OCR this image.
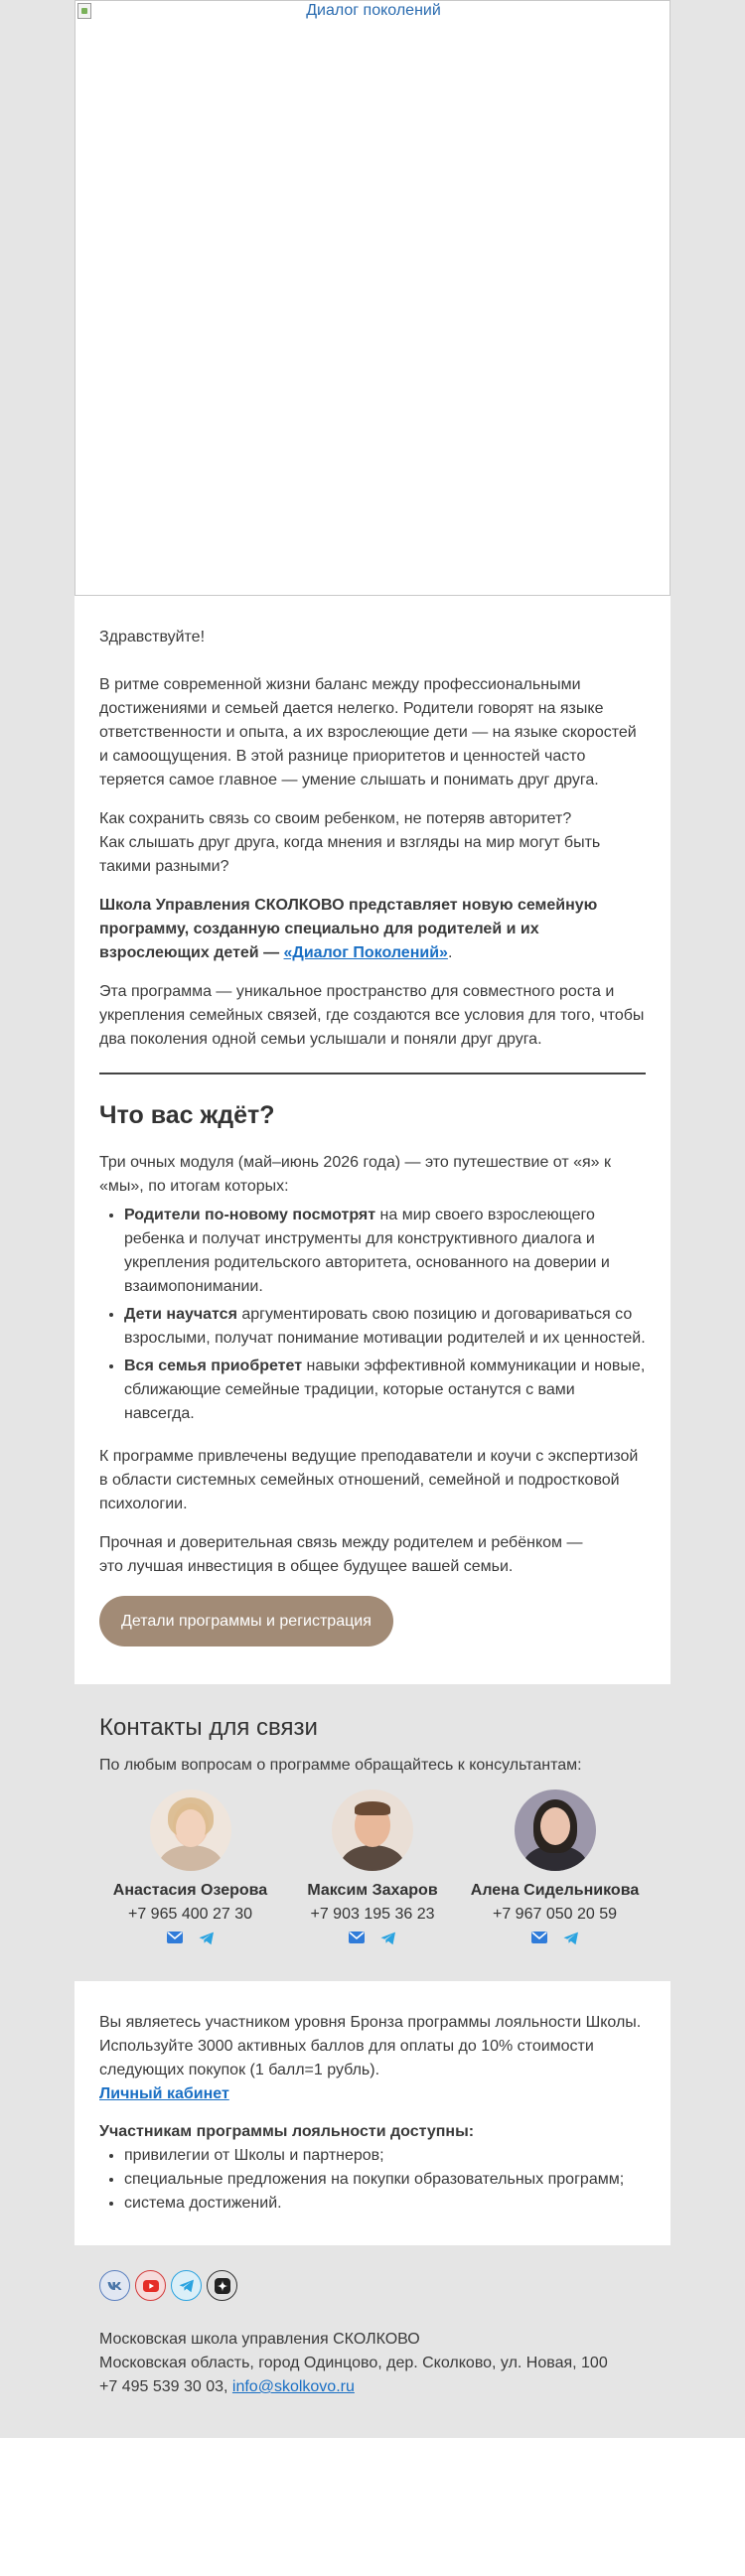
Диалог поколений

Здравствуйте!

В ритме современной жизни баланс между профессиональными достижениями и семьей дается нелегко. Родители говорят на языке ответственности и опыта, а их взрослеющие дети — на языке скоростей и самоощущения. В этой разнице приоритетов и ценностей часто теряется самое главное — умение слышать и понимать друг друга.

Как сохранить связь со своим ребенком, не потеряв авторитет?
Как слышать друг друга, когда мнения и взгляды на мир могут быть такими разными?

Школа Управления СКОЛКОВО представляет новую семейную программу, созданную специально для родителей и их взрослеющих детей — «Диалог Поколений».

Эта программа — уникальное пространство для совместного роста и укрепления семейных связей, где создаются все условия для того, чтобы два поколения одной семьи услышали и поняли друг друга.

Что вас ждёт?

Три очных модуля (май–июнь 2026 года) — это путешествие от «я» к «мы», по итогам которых:

• Родители по-новому посмотрят на мир своего взрослеющего ребенка и получат инструменты для конструктивного диалога и укрепления родительского авторитета, основанного на доверии и взаимопонимании.
• Дети научатся аргументировать свою позицию и договариваться со взрослыми, получат понимание мотивации родителей и их ценностей.
• Вся семья приобретет навыки эффективной коммуникации и новые, сближающие семейные традиции, которые останутся с вами навсегда.

К программе привлечены ведущие преподаватели и коучи с экспертизой в области системных семейных отношений, семейной и подростковой психологии.

Прочная и доверительная связь между родителем и ребёнком —
это лучшая инвестиция в общее будущее вашей семьи.

Детали программы и регистрация
Контакты для связи

По любым вопросам о программе обращайтесь к консультантам:

Анастасия Озерова
+7 965 400 27 30
Максим Захаров
+7 903 195 36 23
Алена Сидельникова
+7 967 050 20 59

Вы являетесь участником уровня Бронза программы лояльности Школы. Используйте 3000 активных баллов для оплаты до 10% стоимости следующих покупок (1 балл=1 рубль).

Личный кабинет

Участникам программы лояльности доступны:

• привилегии от Школы и партнеров;
• специальные предложения на покупки образовательных программ;
• система достижений.

Московская школа управления СКОЛКОВО
Московская область, город Одинцово, дер. Сколково, ул. Новая, 100
+7 495 539 30 03, info@skolkovo.ru
